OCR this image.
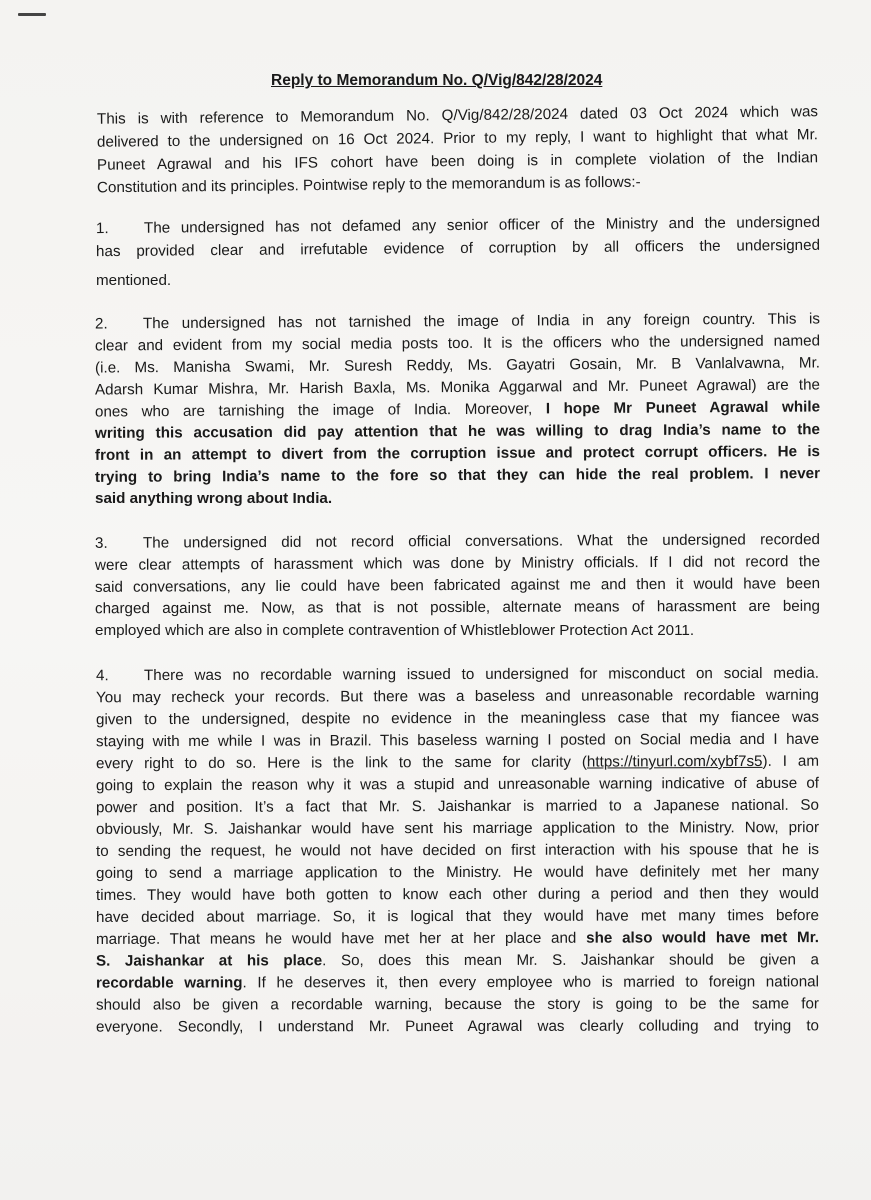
Reply to Memorandum No. Q/Vig/842/28/2024
This is with reference to Memorandum No. Q/Vig/842/28/2024 dated 03 Oct 2024 which was
delivered to the undersigned on 16 Oct 2024. Prior to my reply, I want to highlight that what Mr.
Puneet Agrawal and his IFS cohort have been doing is in complete violation of the Indian
Constitution and its principles. Pointwise reply to the memorandum is as follows:-
1. The undersigned has not defamed any senior officer of the Ministry and the undersigned
has provided clear and irrefutable evidence of corruption by all officers the undersigned
mentioned.
2. The undersigned has not tarnished the image of India in any foreign country. This is
clear and evident from my social media posts too. It is the officers who the undersigned named
(i.e. Ms. Manisha Swami, Mr. Suresh Reddy, Ms. Gayatri Gosain, Mr. B Vanlalvawna, Mr.
Adarsh Kumar Mishra, Mr. Harish Baxla, Ms. Monika Aggarwal and Mr. Puneet Agrawal) are the
ones who are tarnishing the image of India. Moreover, I hope Mr Puneet Agrawal while
writing this accusation did pay attention that he was willing to drag India’s name to the
front in an attempt to divert from the corruption issue and protect corrupt officers. He is
trying to bring India’s name to the fore so that they can hide the real problem. I never
said anything wrong about India.
3. The undersigned did not record official conversations. What the undersigned recorded
were clear attempts of harassment which was done by Ministry officials. If I did not record the
said conversations, any lie could have been fabricated against me and then it would have been
charged against me. Now, as that is not possible, alternate means of harassment are being
employed which are also in complete contravention of Whistleblower Protection Act 2011.
4. There was no recordable warning issued to undersigned for misconduct on social media.
You may recheck your records. But there was a baseless and unreasonable recordable warning
given to the undersigned, despite no evidence in the meaningless case that my fiancee was
staying with me while I was in Brazil. This baseless warning I posted on Social media and I have
every right to do so. Here is the link to the same for clarity (https://tinyurl.com/xybf7s5). I am
going to explain the reason why it was a stupid and unreasonable warning indicative of abuse of
power and position. It’s a fact that Mr. S. Jaishankar is married to a Japanese national. So
obviously, Mr. S. Jaishankar would have sent his marriage application to the Ministry. Now, prior
to sending the request, he would not have decided on first interaction with his spouse that he is
going to send a marriage application to the Ministry. He would have definitely met her many
times. They would have both gotten to know each other during a period and then they would
have decided about marriage. So, it is logical that they would have met many times before
marriage. That means he would have met her at her place and she also would have met Mr.
S. Jaishankar at his place. So, does this mean Mr. S. Jaishankar should be given a
recordable warning. If he deserves it, then every employee who is married to foreign national
should also be given a recordable warning, because the story is going to be the same for
everyone. Secondly, I understand Mr. Puneet Agrawal was clearly colluding and trying to
